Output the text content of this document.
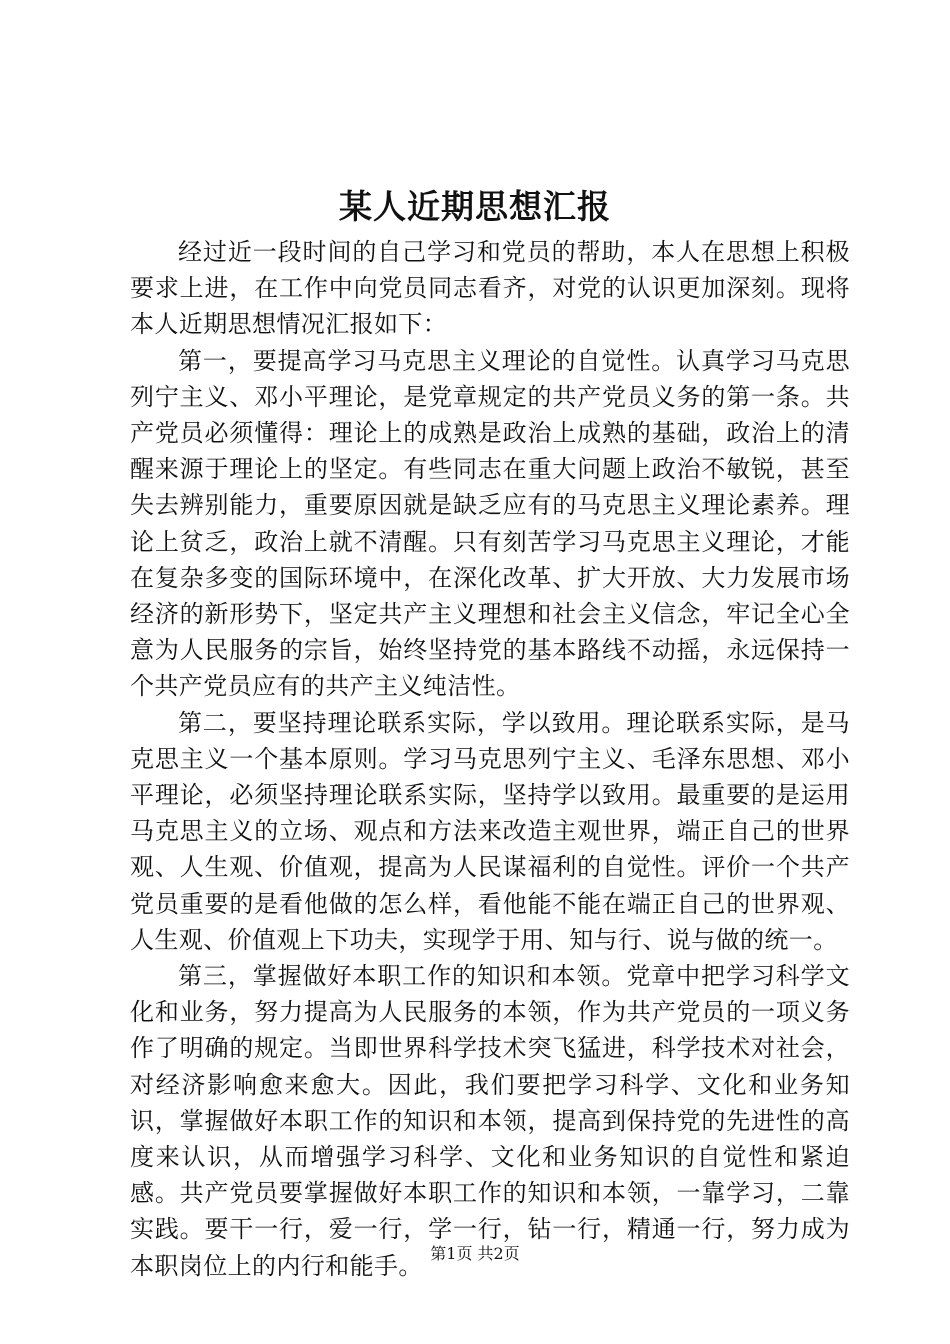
某人近期思想汇报

经过近一段时间的自己学习和党员的帮助，本人在思想上积极要求上进，在工作中向党员同志看齐，对党的认识更加深刻。现将本人近期思想情况汇报如下：

第一，要提高学习马克思主义理论的自觉性。认真学习马克思列宁主义、邓小平理论，是党章规定的共产党员义务的第一条。共产党员必须懂得：理论上的成熟是政治上成熟的基础，政治上的清醒来源于理论上的坚定。有些同志在重大问题上政治不敏锐，甚至失去辨别能力，重要原因就是缺乏应有的马克思主义理论素养。理论上贫乏，政治上就不清醒。只有刻苦学习马克思主义理论，才能在复杂多变的国际环境中，在深化改革、扩大开放、大力发展市场经济的新形势下，坚定共产主义理想和社会主义信念，牢记全心全意为人民服务的宗旨，始终坚持党的基本路线不动摇，永远保持一个共产党员应有的共产主义纯洁性。

第二，要坚持理论联系实际，学以致用。理论联系实际，是马克思主义一个基本原则。学习马克思列宁主义、毛泽东思想、邓小平理论，必须坚持理论联系实际，坚持学以致用。最重要的是运用马克思主义的立场、观点和方法来改造主观世界，端正自己的世界观、人生观、价值观，提高为人民谋福利的自觉性。评价一个共产党员重要的是看他做的怎么样，看他能不能在端正自己的世界观、人生观、价值观上下功夫，实现学于用、知与行、说与做的统一。

第三，掌握做好本职工作的知识和本领。党章中把学习科学文化和业务，努力提高为人民服务的本领，作为共产党员的一项义务作了明确的规定。当即世界科学技术突飞猛进，科学技术对社会，对经济影响愈来愈大。因此，我们要把学习科学、文化和业务知识，掌握做好本职工作的知识和本领，提高到保持党的先进性的高度来认识，从而增强学习科学、文化和业务知识的自觉性和紧迫感。共产党员要掌握做好本职工作的知识和本领，一靠学习，二靠实践。要干一行，爱一行，学一行，钻一行，精通一行，努力成为本职岗位上的内行和能手。 第1页 共2页
